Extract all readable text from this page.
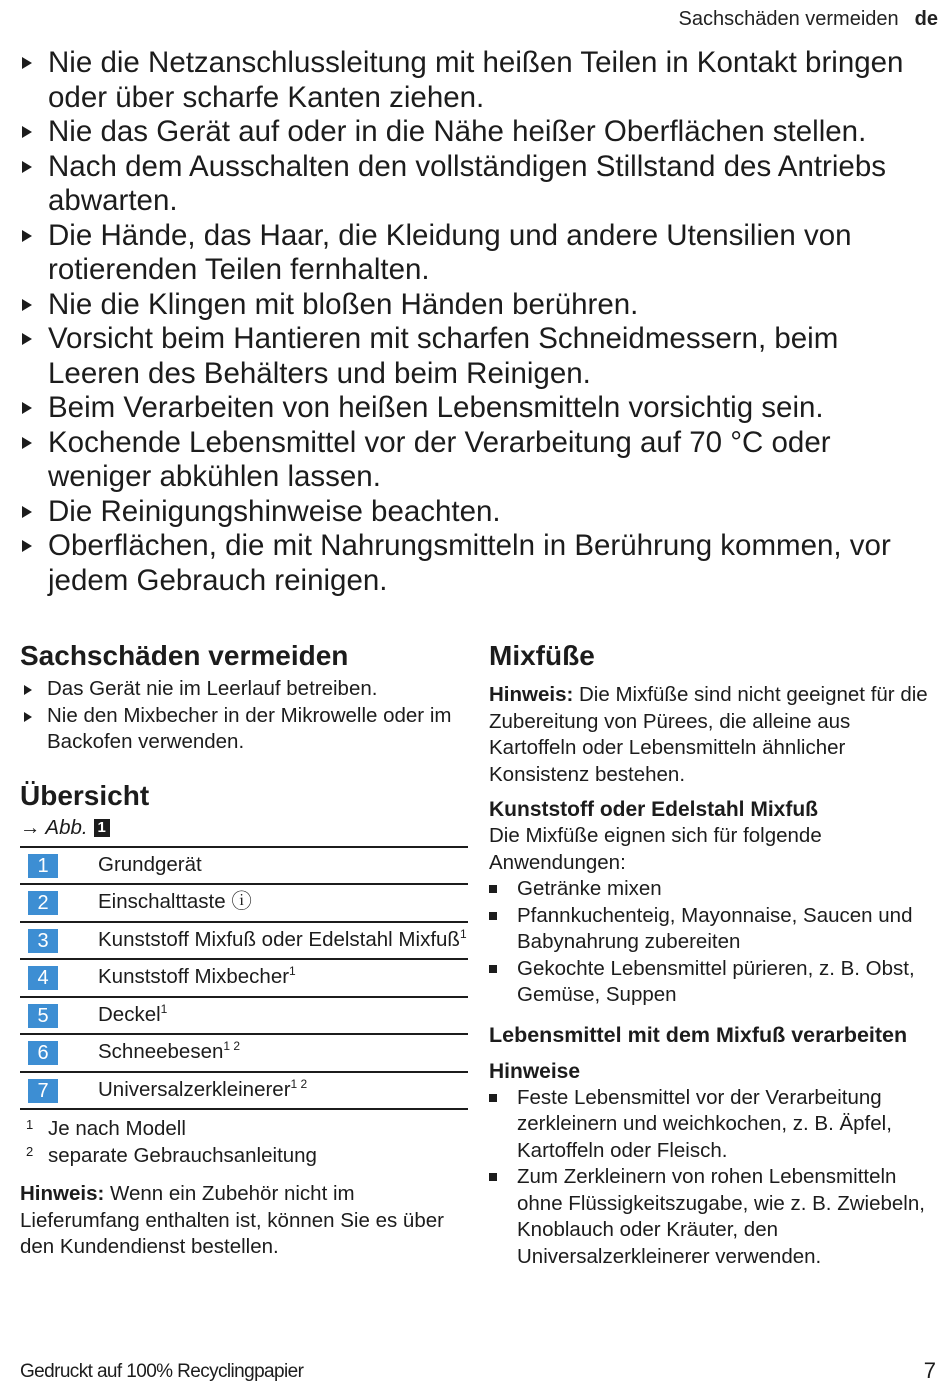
Sachschäden vermeiden de
Nie die Netzanschlussleitung mit heißen Teilen in Kontakt bringen oder über scharfe Kanten ziehen.
Nie das Gerät auf oder in die Nähe heißer Oberflächen stellen.
Nach dem Ausschalten den vollständigen Stillstand des Antriebs abwarten.
Die Hände, das Haar, die Kleidung und andere Utensilien von rotierenden Teilen fernhalten.
Nie die Klingen mit bloßen Händen berühren.
Vorsicht beim Hantieren mit scharfen Schneidmessern, beim Leeren des Behälters und beim Reinigen.
Beim Verarbeiten von heißen Lebensmitteln vorsichtig sein.
Kochende Lebensmittel vor der Verarbeitung auf 70 °C oder weniger abkühlen lassen.
Die Reinigungshinweise beachten.
Oberflächen, die mit Nahrungsmitteln in Berührung kommen, vor jedem Gebrauch reinigen.
Sachschäden vermeiden
Das Gerät nie im Leerlauf betreiben.
Nie den Mixbecher in der Mikrowelle oder im Backofen verwenden.
Übersicht
→ Abb. 1
1	Grundgerät
2	Einschalttaste ⓘ
3	Kunststoff Mixfuß oder Edelstahl Mixfuß$^1$
4	Kunststoff Mixbecher$^1$
5	Deckel$^1$
6	Schneebesen$^{1 2}$
7	Universalzerkleinerer$^{1 2}$
1 Je nach Modell
2 separate Gebrauchsanleitung
Hinweis: Wenn ein Zubehör nicht im Lieferumfang enthalten ist, können Sie es über den Kundendienst bestellen.
Mixfüße
Hinweis: Die Mixfüße sind nicht geeignet für die Zubereitung von Pürees, die alleine aus Kartoffeln oder Lebensmitteln ähnlicher Konsistenz bestehen.
Kunststoff oder Edelstahl Mixfuß
Die Mixfüße eignen sich für folgende Anwendungen:
Getränke mixen
Pfannkuchenteig, Mayonnaise, Saucen und Babynahrung zubereiten
Gekochte Lebensmittel pürieren, z. B. Obst, Gemüse, Suppen
Lebensmittel mit dem Mixfuß verarbeiten
Hinweise
Feste Lebensmittel vor der Verarbeitung zerkleinern und weichkochen, z. B. Äpfel, Kartoffeln oder Fleisch.
Zum Zerkleinern von rohen Lebensmitteln ohne Flüssigkeitszugabe, wie z. B. Zwiebeln, Knoblauch oder Kräuter, den Universalzerkleinerer verwenden.
Gedruckt auf 100% Recyclingpapier	7
